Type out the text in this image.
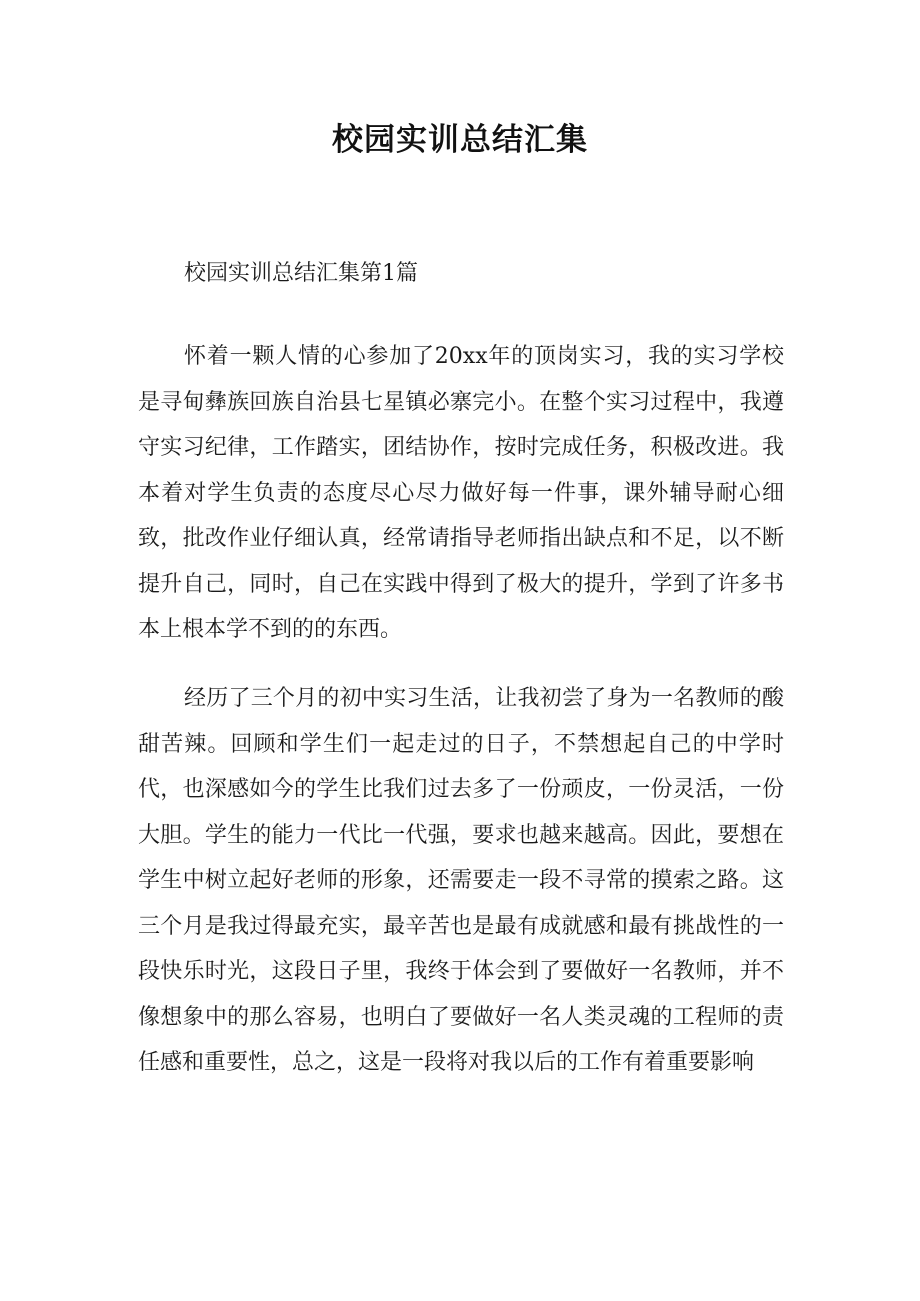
校园实训总结汇集

校园实训总结汇集第1篇

怀着一颗人情的心参加了20xx年的顶岗实习，我的实习学校是寻甸彝族回族自治县七星镇必寨完小。在整个实习过程中，我遵守实习纪律，工作踏实，团结协作，按时完成任务，积极改进。我本着对学生负责的态度尽心尽力做好每一件事，课外辅导耐心细致，批改作业仔细认真，经常请指导老师指出缺点和不足，以不断提升自己，同时，自己在实践中得到了极大的提升，学到了许多书本上根本学不到的的东西。

经历了三个月的初中实习生活，让我初尝了身为一名教师的酸甜苦辣。回顾和学生们一起走过的日子，不禁想起自己的中学时代，也深感如今的学生比我们过去多了一份顽皮，一份灵活，一份大胆。学生的能力一代比一代强，要求也越来越高。因此，要想在学生中树立起好老师的形象，还需要走一段不寻常的摸索之路。这三个月是我过得最充实，最辛苦也是最有成就感和最有挑战性的一段快乐时光，这段日子里，我终于体会到了要做好一名教师，并不像想象中的那么容易，也明白了要做好一名人类灵魂的工程师的责任感和重要性，总之，这是一段将对我以后的工作有着重要影响
